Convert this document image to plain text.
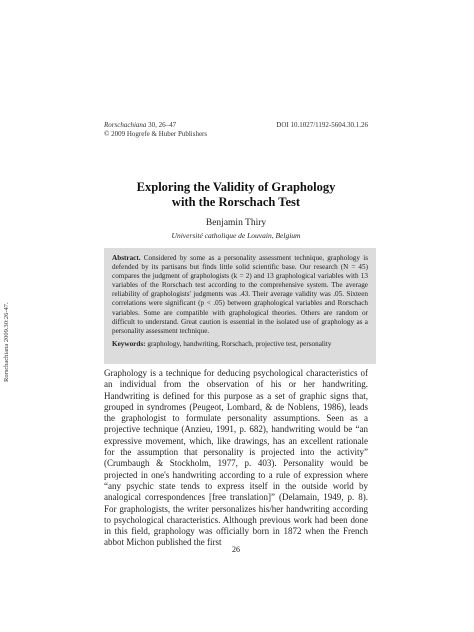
Rorschachiana 2009.30:26-47.
Rorschachiana 30, 26–47
© 2009 Hogrefe & Huber Publishers
DOI 10.1027/1192-5604.30.1.26
Exploring the Validity of Graphology
with the Rorschach Test
Benjamin Thiry
Université catholique de Louvain, Belgium

Abstract. Considered by some as a personality assessment technique, graphology is defended by its partisans but finds little solid scientific base. Our research (N = 45) compares the judgment of graphologists (k = 2) and 13 graphological variables with 13 variables of the Rorschach test according to the comprehensive system. The average reliability of graphologists' judgments was .43. Their average validity was .05. Sixteen correlations were significant (p < .05) between graphological variables and Rorschach variables. Some are compatible with graphological theories. Others are random or difficult to understand. Great caution is essential in the isolated use of graphology as a personality assessment technique.

Keywords: graphology, handwriting, Rorschach, projective test, personality

Graphology is a technique for deducing psychological characteristics of an individual from the observation of his or her handwriting. Handwriting is defined for this purpose as a set of graphic signs that, grouped in syndromes (Peugeot, Lombard, & de Noblens, 1986), leads the graphologist to formulate personality assumptions. Seen as a projective technique (Anzieu, 1991, p. 682), handwriting would be “an expressive movement, which, like drawings, has an excellent rationale for the assumption that personality is projected into the activity” (Crumbaugh & Stockholm, 1977, p. 403). Personality would be projected in one's handwriting according to a rule of expression where “any psychic state tends to express itself in the outside world by analogical correspondences [free translation]” (Delamain, 1949, p. 8). For graphologists, the writer personalizes his/her handwriting according to psychological characteristics. Although previous work had been done in this field, graphology was officially born in 1872 when the French abbot Michon published the first

26
